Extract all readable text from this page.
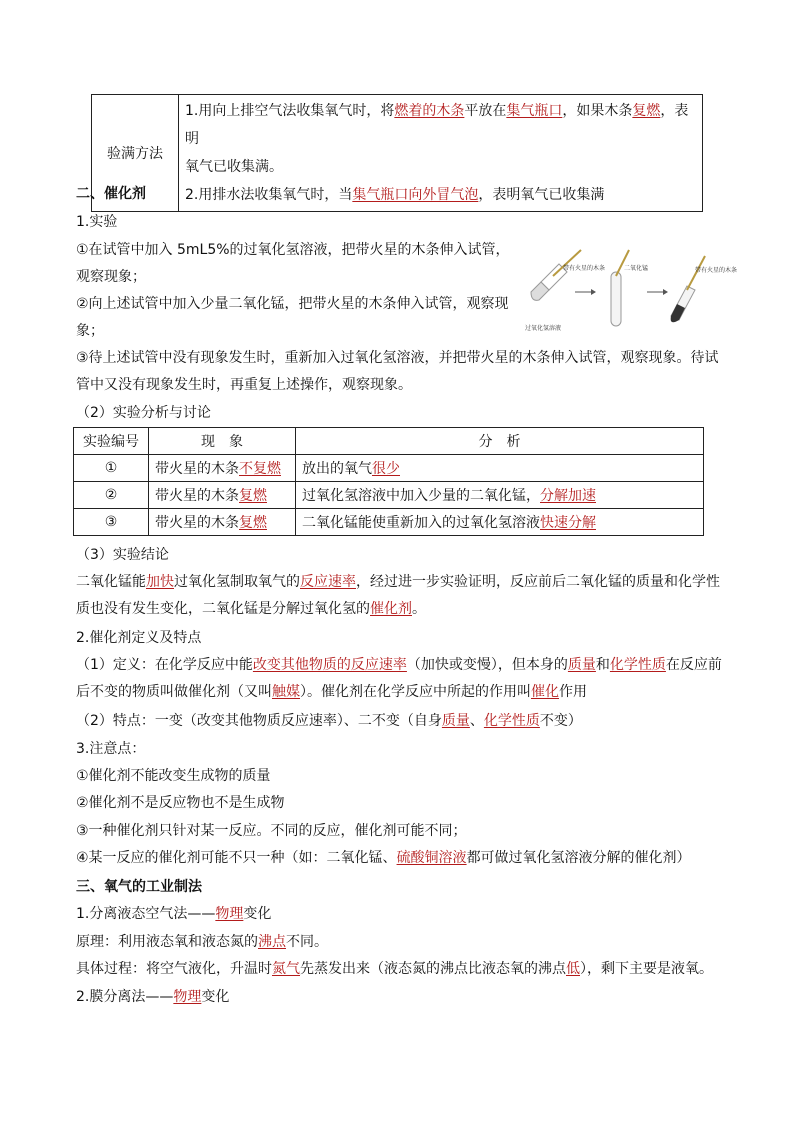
验满方法	
1.用向上排空气法收集氧气时，将燃着的木条平放在集气瓶口，如果木条复燃，表明
氧气已收集满。
2.用排水法收集氧气时，当集气瓶口向外冒气泡，表明氧气已收集满
二、催化剂
1.实验
①在试管中加入 5mL5%的过氧化氢溶液，把带火星的木条伸入试管，观察现象；
②向上述试管中加入少量二氧化锰，把带火星的木条伸入试管，观察现象；
③待上述试管中没有现象发生时，重新加入过氧化氢溶液，并把带火星的木条伸入试管，观察现象。待试管中又没有现象发生时，再重复上述操作，观察现象。
带有火星的木条
过氧化氢溶液
二氧化锰	带有火星的木条
（2）实验分析与讨论
实验编号	现　象	分　析
①	带火星的木条不复燃	放出的氧气很少
②	带火星的木条复燃	过氧化氢溶液中加入少量的二氧化锰，分解加速
③	带火星的木条复燃	二氧化锰能使重新加入的过氧化氢溶液快速分解
（3）实验结论
二氧化锰能加快过氧化氢制取氧气的反应速率，经过进一步实验证明，反应前后二氧化锰的质量和化学性质也没有发生变化，二氧化锰是分解过氧化氢的催化剂。
2.催化剂定义及特点
（1）定义：在化学反应中能改变其他物质的反应速率（加快或变慢），但本身的质量和化学性质在反应前后不变的物质叫做催化剂（又叫触媒）。催化剂在化学反应中所起的作用叫催化作用
（2）特点：一变（改变其他物质反应速率）、二不变（自身质量、化学性质不变）
3.注意点：
①催化剂不能改变生成物的质量
②催化剂不是反应物也不是生成物
③一种催化剂只针对某一反应。不同的反应，催化剂可能不同；
④某一反应的催化剂可能不只一种（如：二氧化锰、硫酸铜溶液都可做过氧化氢溶液分解的催化剂）
三、氧气的工业制法
1.分离液态空气法——物理变化
原理：利用液态氧和液态氮的沸点不同。
具体过程：将空气液化，升温时氮气先蒸发出来（液态氮的沸点比液态氧的沸点低），剩下主要是液氧。
2.膜分离法——物理变化
